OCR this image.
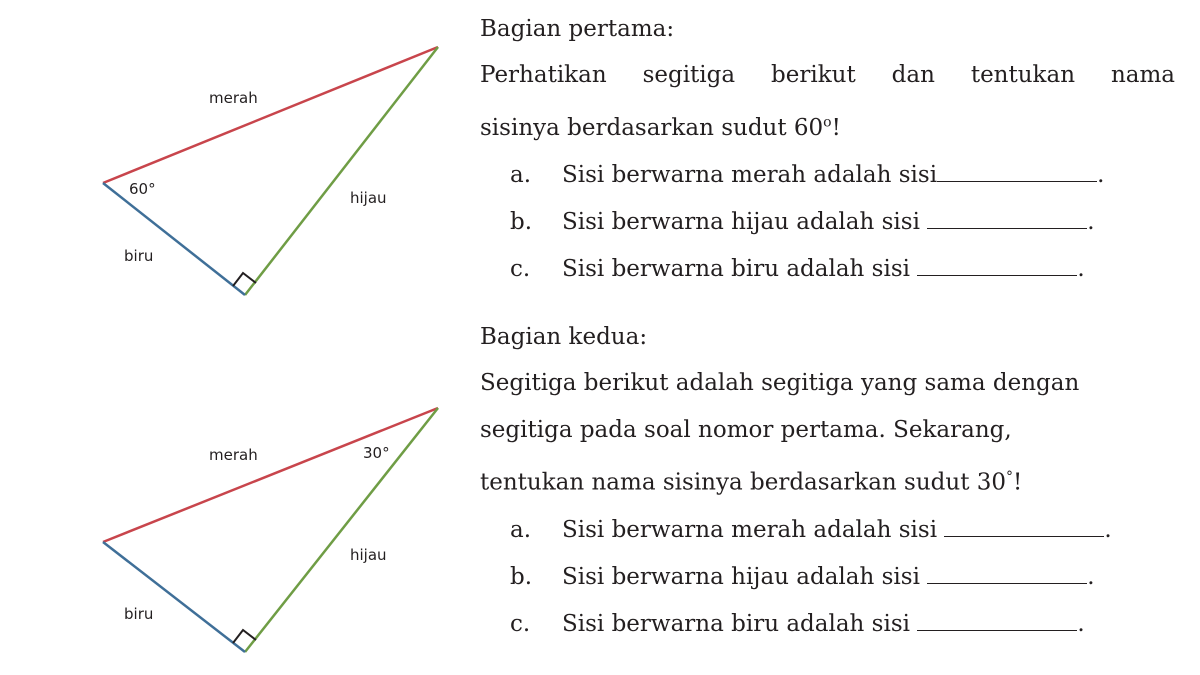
merah
hijau
biru
60°
merah
hijau
biru
30°
Bagian pertama:

Perhatikan segitiga berikut dan tentukan nama
sisinya berdasarkan sudut 60$^o$!

a. Sisi berwarna merah adalah sisi	.
b. Sisi berwarna hijau adalah sisi	.
c. Sisi berwarna biru adalah sisi	.
Bagian kedua:

Segitiga berikut adalah segitiga yang sama dengan
segitiga pada soal nomor pertama. Sekarang,
tentukan nama sisinya berdasarkan sudut 30°!

a. Sisi berwarna merah adalah sisi	.
b. Sisi berwarna hijau adalah sisi	.
c. Sisi berwarna biru adalah sisi	.
